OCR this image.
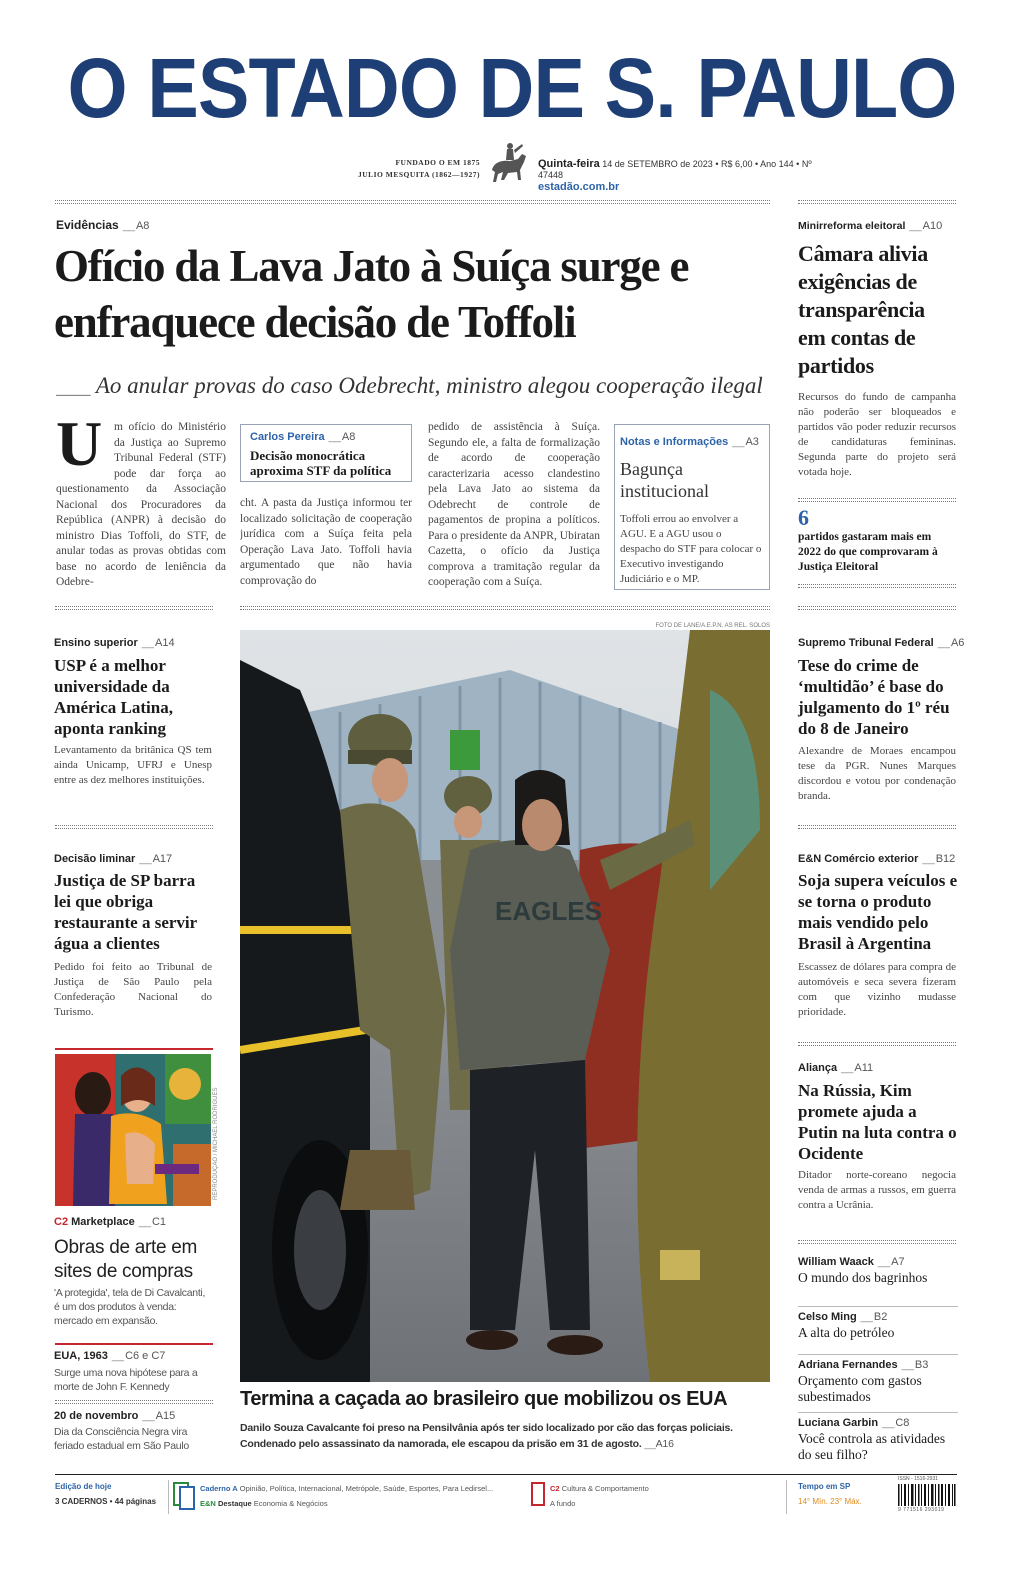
O ESTADO DE S. PAULO
FUNDADO O EM 1875
JULIO MESQUITA (1862—1927)
Quinta-feira 14 de SETEMBRO de 2023 • R$ 6,00 • Ano 144 • Nº 47448
estadão.com.br
Evidências __ A8
Ofício da Lava Jato à Suíça surge e enfraquece decisão de Toffoli
___ Ao anular provas do caso Odebrecht, ministro alegou cooperação ilegal
U	m ofício do Ministério da Justiça ao Supremo Tribunal Federal (STF) pode dar força ao questionamento da Associação Nacional dos Procuradores da República (ANPR) à decisão do ministro Dias Toffoli, do STF, de anular todas as provas obtidas com base no acordo de leniência da Odebre-
Carlos Pereira __ A8
Decisão monocrática aproxima STF da política
cht. A pasta da Justiça informou ter localizado solicitação de cooperação jurídica com a Suíça feita pela Operação Lava Jato. Toffoli havia argumentado que não havia comprovação do
pedido de assistência à Suíça. Segundo ele, a falta de formalização de acordo de cooperação caracterizaria acesso clandestino pela Lava Jato ao sistema da Odebrecht de controle de pagamentos de propina a políticos. Para o presidente da ANPR, Ubiratan Cazetta, o ofício da Justiça comprova a tramitação regular da cooperação com a Suíça.
Notas e Informações __ A3
Bagunça institucional
Toffoli errou ao envolver a AGU. E a AGU usou o despacho do STF para colocar o Executivo investigando Judiciário e o MP.
Minirreforma eleitoral __ A10
Câmara alivia exigências de transparência em contas de partidos
Recursos do fundo de campanha não poderão ser bloqueados e partidos vão poder reduzir recursos de candidaturas femininas. Segunda parte do projeto será votada hoje.
6
partidos gastaram mais em 2022 do que comprovaram à Justiça Eleitoral
Ensino superior __ A14
USP é a melhor universidade da América Latina, aponta ranking
Levantamento da britânica QS tem ainda Unicamp, UFRJ e Unesp entre as dez melhores instituições.
Decisão liminar __ A17
Justiça de SP barra lei que obriga restaurante a servir água a clientes
Pedido foi feito ao Tribunal de Justiça de São Paulo pela Confederação Nacional do Turismo.
REPRODUÇÃO / MICHAEL RODRIGUES
C2 Marketplace __ C1
Obras de arte em sites de compras
'A protegida', tela de Di Cavalcanti, é um dos produtos à venda: mercado em expansão.
EUA, 1963 __ C6 e C7
Surge uma nova hipótese para a morte de John F. Kennedy
20 de novembro __ A15
Dia da Consciência Negra vira feriado estadual em São Paulo
FOTO DE LANE/A.E.P.N. AS REL. SOLOS
EAGLES
Termina a caçada ao brasileiro que mobilizou os EUA
Danilo Souza Cavalcante foi preso na Pensilvânia após ter sido localizado por cão das forças policiais. Condenado pelo assassinato da namorada, ele escapou da prisão em 31 de agosto. __A16
Supremo Tribunal Federal __ A6
Tese do crime de ‘multidão’ é base do julgamento do 1º réu do 8 de Janeiro
Alexandre de Moraes encampou tese da PGR. Nunes Marques discordou e votou por condenação branda.
E&N Comércio exterior __ B12
Soja supera veículos e se torna o produto mais vendido pelo Brasil à Argentina
Escassez de dólares para compra de automóveis e seca severa fizeram com que vizinho mudasse prioridade.
Aliança __ A11
Na Rússia, Kim promete ajuda a Putin na luta contra o Ocidente
Ditador norte-coreano negocia venda de armas a russos, em guerra contra a Ucrânia.
William Waack __ A7
O mundo dos bagrinhos
Celso Ming __ B2
A alta do petróleo
Adriana Fernandes __ B3
Orçamento com gastos subestimados
Luciana Garbin __ C8
Você controla as atividades do seu filho?
Edição de hoje
3 CADERNOS • 44 páginas
Caderno A Opinião, Política, Internacional, Metrópole, Saúde, Esportes, Para Ledirsel...
E&N Destaque Economia & Negócios
C2 Cultura & Comportamento
A fundo
Tempo em SP
14° Mín. 23° Máx.
ISSN - 1516-2931
9 771516 293019
